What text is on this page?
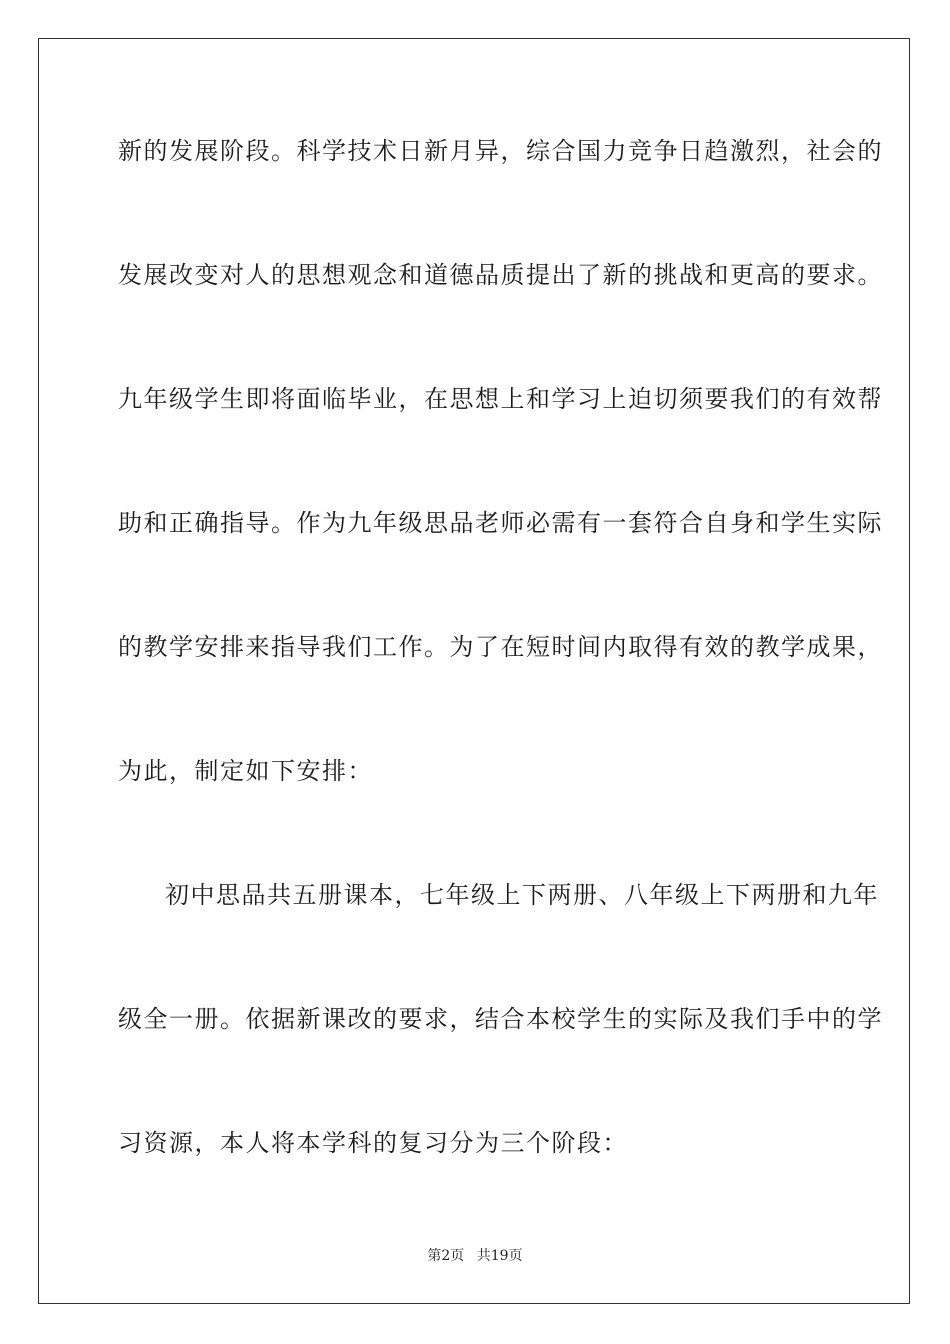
新的发展阶段。科学技术日新月异，综合国力竞争日趋激烈，社会的
发展改变对人的思想观念和道德品质提出了新的挑战和更高的要求。
九年级学生即将面临毕业，在思想上和学习上迫切须要我们的有效帮
助和正确指导。作为九年级思品老师必需有一套符合自身和学生实际
的教学安排来指导我们工作。为了在短时间内取得有效的教学成果，
为此，制定如下安排：
初中思品共五册课本，七年级上下两册、八年级上下两册和九年
级全一册。依据新课改的要求，结合本校学生的实际及我们手中的学
习资源，本人将本学科的复习分为三个阶段：
第2页 共19页
